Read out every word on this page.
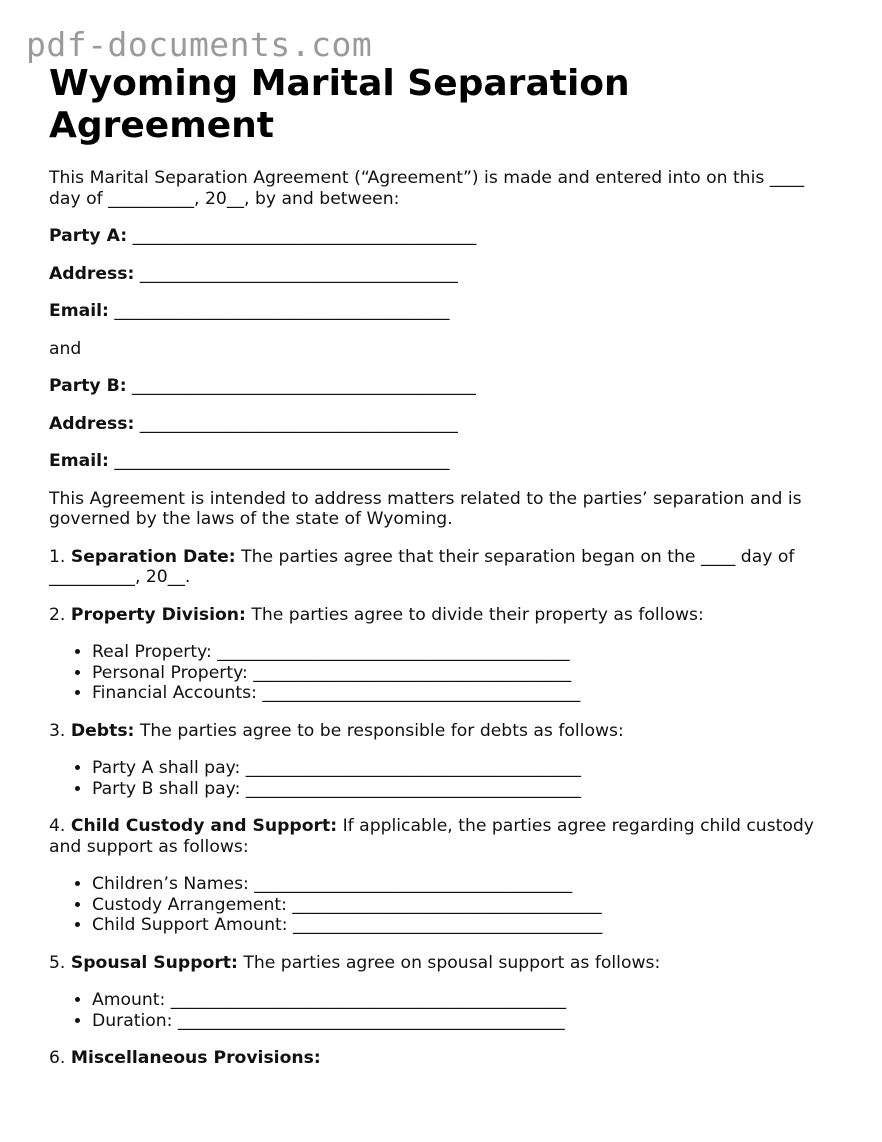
pdf-documents.com
Wyoming Marital Separation Agreement

This Marital Separation Agreement (“Agreement”) is made and entered into on this ____ day of __________, 20__, by and between:

Party A: ________________________________________

Address: _____________________________________

Email: _______________________________________

and

Party B: ________________________________________

Address: _____________________________________

Email: _______________________________________

This Agreement is intended to address matters related to the parties’ separation and is governed by the laws of the state of Wyoming.

1. Separation Date: The parties agree that their separation began on the ____ day of __________, 20__.

2. Property Division: The parties agree to divide their property as follows:

• Real Property: _________________________________________
• Personal Property: _____________________________________
• Financial Accounts: _____________________________________

3. Debts: The parties agree to be responsible for debts as follows:

• Party A shall pay: _______________________________________
• Party B shall pay: _______________________________________

4. Child Custody and Support: If applicable, the parties agree regarding child custody and support as follows:

• Children’s Names: _____________________________________
• Custody Arrangement: ____________________________________
• Child Support Amount: ____________________________________

5. Spousal Support: The parties agree on spousal support as follows:

• Amount: ______________________________________________
• Duration: _____________________________________________

6. Miscellaneous Provisions:
